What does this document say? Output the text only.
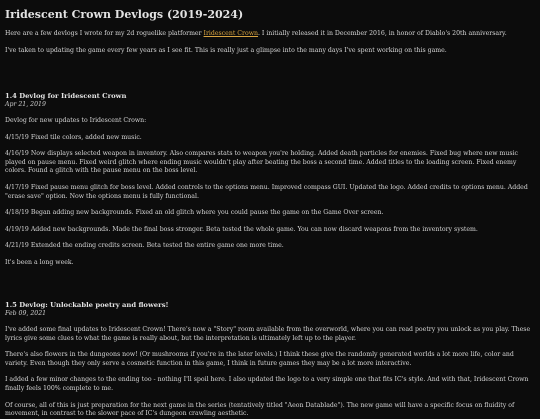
Iridescent Crown Devlogs (2019-2024)

Here are a few devlogs I wrote for my 2d roguelike platformer Iridescent Crown. I initially released it in December 2016, in honor of Diablo's 20th anniversary.

I've taken to updating the game every few years as I see fit. This is really just a glimpse into the many days I've spent working on this game.

1.4 Devlog for Iridescent Crown
Apr 21, 2019

Devlog for new updates to Iridescent Crown:

4/15/19 Fixed tile colors, added new music.

4/16/19 Now displays selected weapon in inventory. Also compares stats to weapon you're holding. Added death particles for enemies. Fixed bug where new music played on pause menu. Fixed weird glitch where ending music wouldn't play after beating the boss a second time. Added titles to the loading screen. Fixed enemy colors. Found a glitch with the pause menu on the boss level.

4/17/19 Fixed pause menu glitch for boss level. Added controls to the options menu. Improved compass GUI. Updated the logo. Added credits to options menu. Added "erase save" option. Now the options menu is fully functional.

4/18/19 Began adding new backgrounds. Fixed an old glitch where you could pause the game on the Game Over screen.

4/19/19 Added new backgrounds. Made the final boss stronger. Beta tested the whole game. You can now discard weapons from the inventory system.

4/21/19 Extended the ending credits screen. Beta tested the entire game one more time.

It's been a long week.

1.5 Devlog: Unlockable poetry and flowers!
Feb 09, 2021

I've added some final updates to Iridescent Crown! There's now a "Story" room available from the overworld, where you can read poetry you unlock as you play. These lyrics give some clues to what the game is really about, but the interpretation is ultimately left up to the player.

There's also flowers in the dungeons now! (Or mushrooms if you're in the later levels.) I think these give the randomly generated worlds a lot more life, color and variety. Even though they only serve a cosmetic function in this game, I think in future games they may be a lot more interactive.

I added a few minor changes to the ending too - nothing I'll spoil here. I also updated the logo to a very simple one that fits IC's style. And with that, Iridescent Crown finally feels 100% complete to me.

Of course, all of this is just preparation for the next game in the series (tentatively titled "Aeon Datablade"). The new game will have a specific focus on fluidity of movement, in contrast to the slower pace of IC's dungeon crawling aesthetic.
